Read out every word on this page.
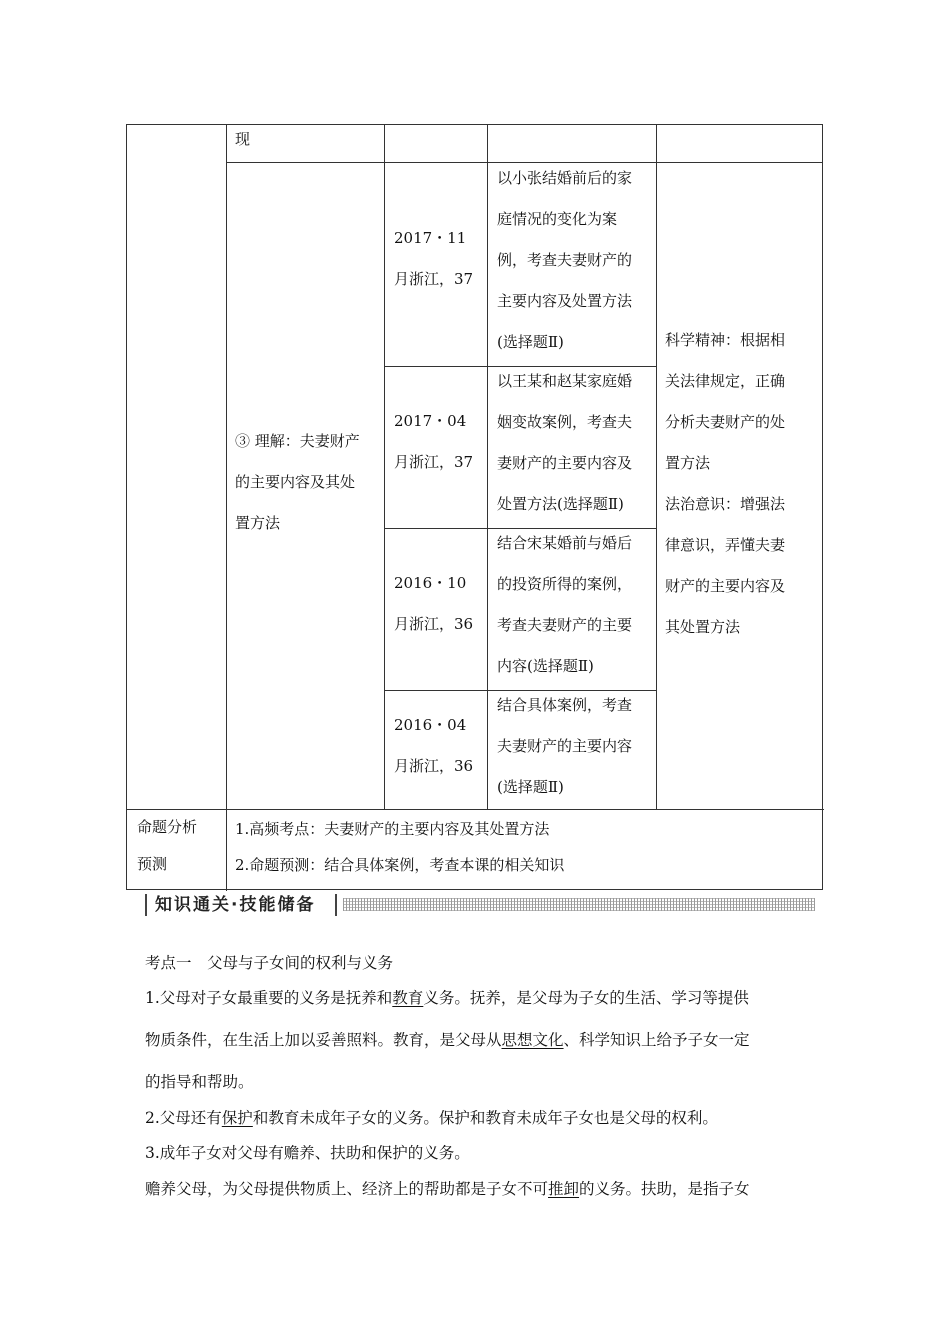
现
③ 理解：夫妻财产
的主要内容及其处
置方法
2017・11
月浙江，37
以小张结婚前后的家
庭情况的变化为案
例，考查夫妻财产的
主要内容及处置方法
(选择题Ⅱ)
2017・04
月浙江，37
以王某和赵某家庭婚
姻变故案例，考查夫
妻财产的主要内容及
处置方法(选择题Ⅱ)
2016・10
月浙江，36
结合宋某婚前与婚后
的投资所得的案例，
考查夫妻财产的主要
内容(选择题Ⅱ)
2016・04
月浙江，36
结合具体案例，考查
夫妻财产的主要内容
(选择题Ⅱ)
科学精神：根据相
关法律规定，正确
分析夫妻财产的处
置方法
法治意识：增强法
律意识，弄懂夫妻
财产的主要内容及
其处置方法
命题分析
预测
1.高频考点：夫妻财产的主要内容及其处置方法
2.命题预测：结合具体案例，考查本课的相关知识
知识通关·技能储备
考点一　父母与子女间的权利与义务
1.父母对子女最重要的义务是抚养和教育义务。抚养，是父母为子女的生活、学习等提供
物质条件，在生活上加以妥善照料。教育，是父母从思想文化、科学知识上给予子女一定
的指导和帮助。
2.父母还有保护和教育未成年子女的义务。保护和教育未成年子女也是父母的权利。
3.成年子女对父母有赡养、扶助和保护的义务。
赡养父母，为父母提供物质上、经济上的帮助都是子女不可推卸的义务。扶助，是指子女
